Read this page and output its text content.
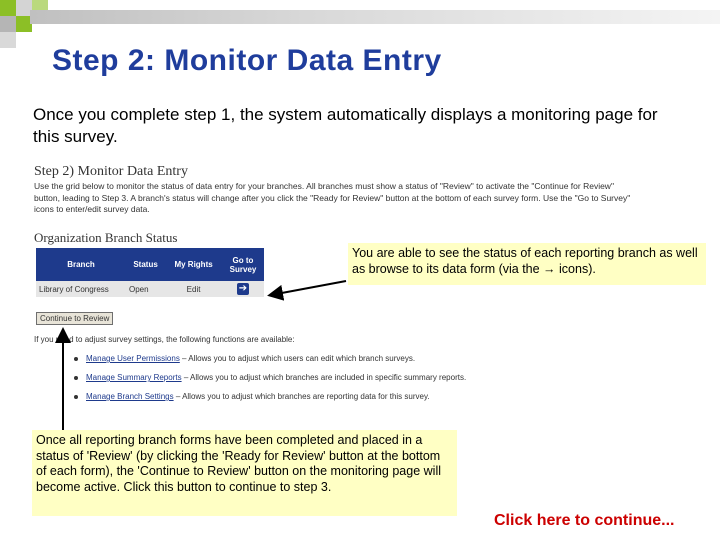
Step 2: Monitor Data Entry
Once you complete step 1, the system automatically displays a monitoring page for this survey.
Step 2) Monitor Data Entry
Use the grid below to monitor the status of data entry for your branches. All branches must show a status of "Review" to activate the "Continue for Review" button, leading to Step 3. A branch's status will change after you click the "Ready for Review" button at the bottom of each survey form. Use the "Go to Survey" icons to enter/edit survey data.
Organization Branch Status
Branch	Status	My Rights	Go to Survey
Library of Congress	Open	Edit	➔
Continue to Review
If you need to adjust survey settings, the following functions are available:
Manage User Permissions – Allows you to adjust which users can edit which branch surveys.
Manage Summary Reports – Allows you to adjust which branches are included in specific summary reports.
Manage Branch Settings – Allows you to adjust which branches are reporting data for this survey.
You are able to see the status of each reporting branch as well as browse to its data form (via the → icons).
Once all reporting branch forms have been completed and placed in a status of 'Review' (by clicking the 'Ready for Review' button at the bottom of each form), the 'Continue to Review' button on the monitoring page will become active. Click this button to continue to step 3.
Click here to continue...
